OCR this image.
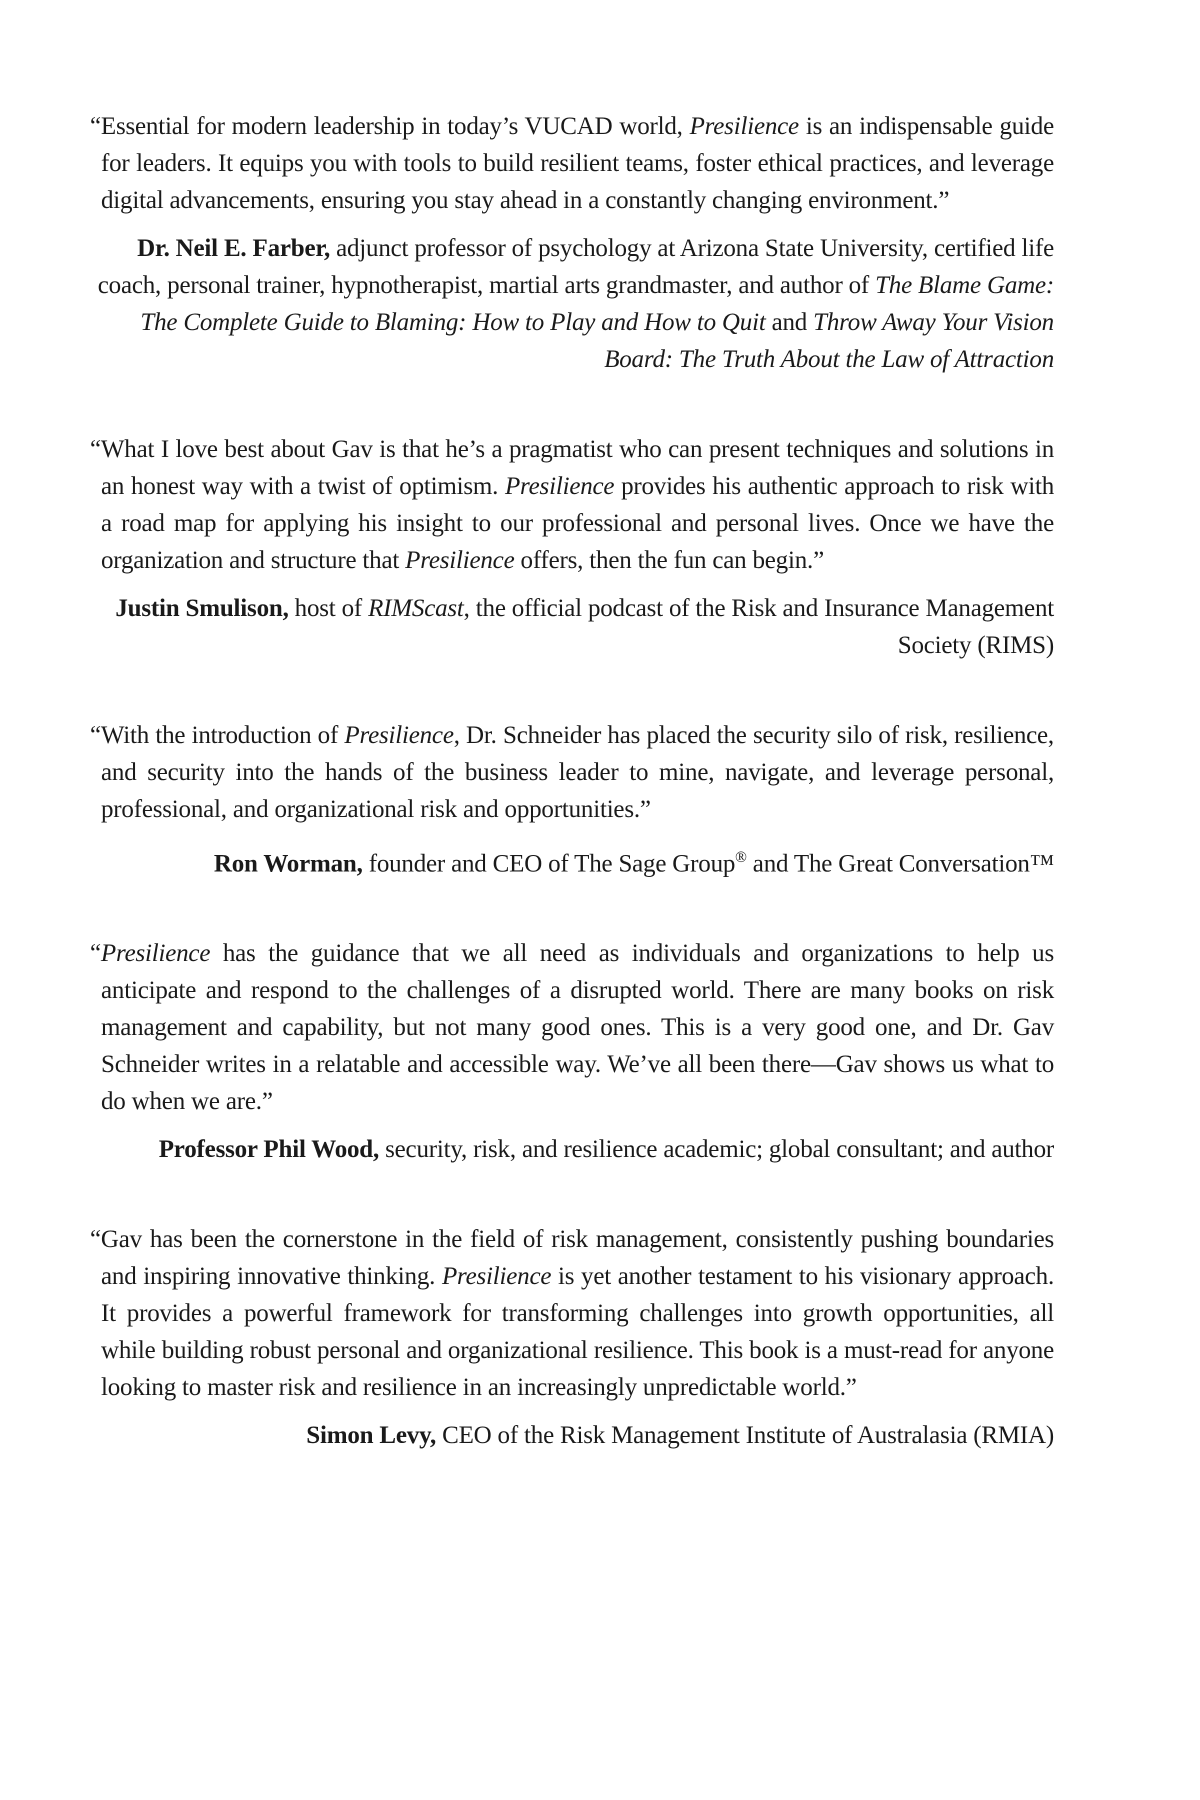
“Essential for modern leadership in today’s VUCAD world, Presilience is an indispensable guide for leaders. It equips you with tools to build resilient teams, foster ethical practices, and leverage digital advancements, ensuring you stay ahead in a constantly changing environment.”

Dr. Neil E. Farber, adjunct professor of psychology at Arizona State University, certified life coach, personal trainer, hypnotherapist, martial arts grandmaster, and author of The Blame Game: The Complete Guide to Blaming: How to Play and How to Quit and Throw Away Your Vision Board: The Truth About the Law of Attraction

“What I love best about Gav is that he’s a pragmatist who can present techniques and solutions in an honest way with a twist of optimism. Presilience provides his authentic approach to risk with a road map for applying his insight to our professional and personal lives. Once we have the organization and structure that Presilience offers, then the fun can begin.”

Justin Smulison, host of RIMScast, the official podcast of the Risk and Insurance Management Society (RIMS)

“With the introduction of Presilience, Dr. Schneider has placed the security silo of risk, resilience, and security into the hands of the business leader to mine, navigate, and leverage personal, professional, and organizational risk and opportunities.”

Ron Worman, founder and CEO of The Sage Group® and The Great Conversation™

“Presilience has the guidance that we all need as individuals and organizations to help us anticipate and respond to the challenges of a disrupted world. There are many books on risk management and capability, but not many good ones. This is a very good one, and Dr. Gav Schneider writes in a relatable and accessible way. We’ve all been there—Gav shows us what to do when we are.”

Professor Phil Wood, security, risk, and resilience academic; global consultant; and author

“Gav has been the cornerstone in the field of risk management, consistently pushing boundaries and inspiring innovative thinking. Presilience is yet another testament to his visionary approach. It provides a powerful framework for transforming challenges into growth opportunities, all while building robust personal and organizational resilience. This book is a must-read for anyone looking to master risk and resilience in an increasingly unpredictable world.”

Simon Levy, CEO of the Risk Management Institute of Australasia (RMIA)
